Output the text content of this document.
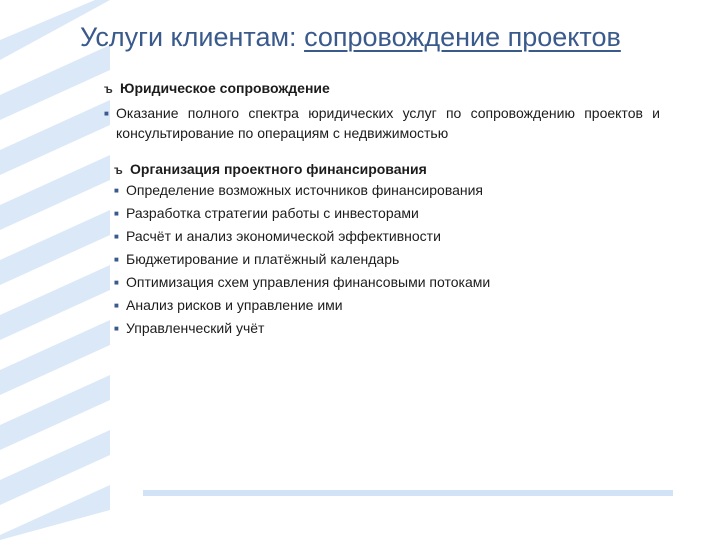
Услуги клиентам: сопровождение проектов
ъ Юридическое сопровождение
■ Оказание полного спектра юридических услуг по сопровождению проектов и консультирование по операциям с недвижимостью
ъ Организация проектного финансирования
■ Определение возможных источников финансирования
■ Разработка стратегии работы с инвесторами
■ Расчёт и анализ экономической эффективности
■ Бюджетирование и платёжный календарь
■ Оптимизация схем управления финансовыми потоками
■ Анализ рисков и управление ими
■ Управленческий учёт
